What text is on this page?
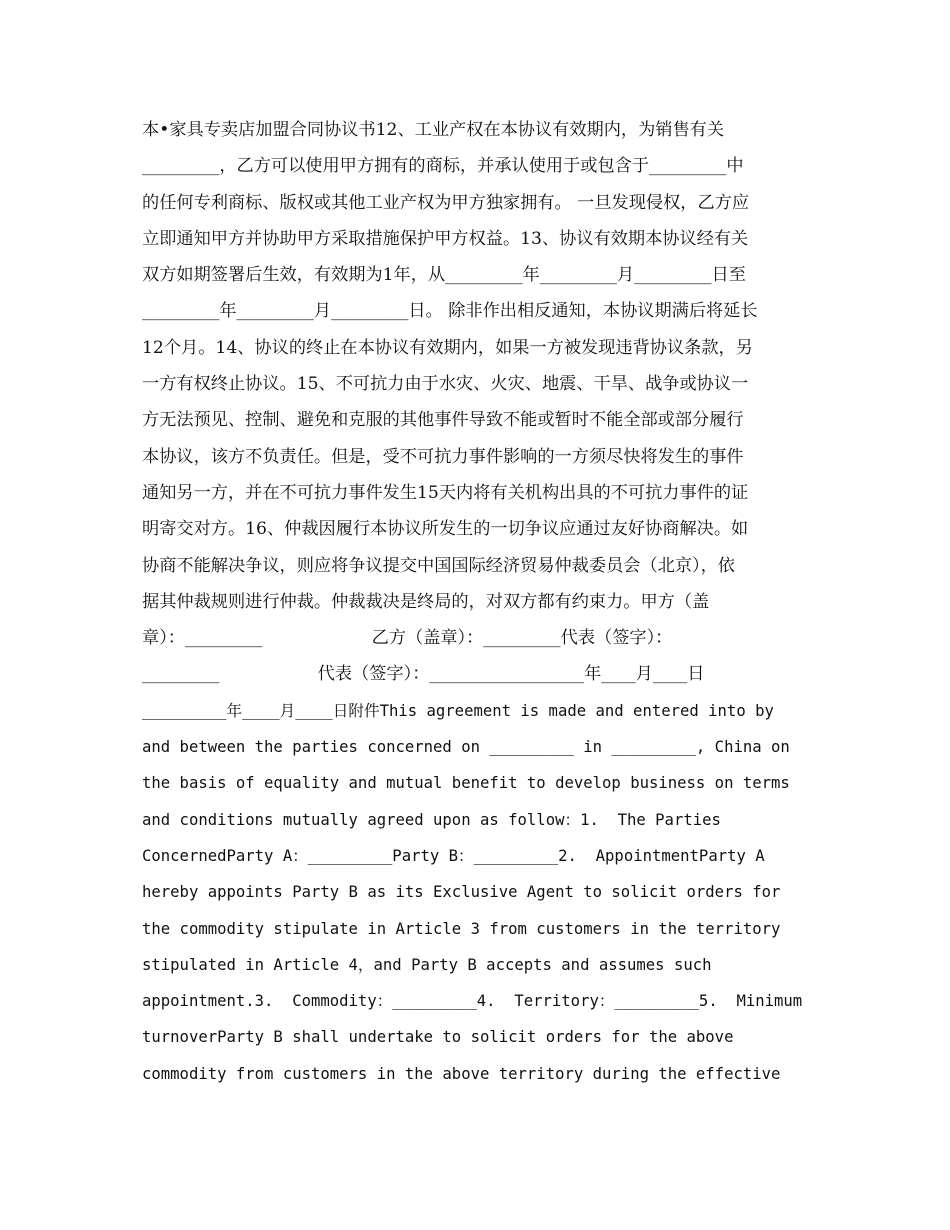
本•家具专卖店加盟合同协议书12、工业产权在本协议有效期内，为销售有关
_________，乙方可以使用甲方拥有的商标，并承认使用于或包含于_________中
的任何专利商标、版权或其他工业产权为甲方独家拥有。 一旦发现侵权，乙方应
立即通知甲方并协助甲方采取措施保护甲方权益。13、协议有效期本协议经有关
双方如期签署后生效，有效期为1年，从_________年_________月_________日至
_________年_________月_________日。 除非作出相反通知，本协议期满后将延长
12个月。14、协议的终止在本协议有效期内，如果一方被发现违背协议条款，另
一方有权终止协议。15、不可抗力由于水灾、火灾、地震、干旱、战争或协议一
方无法预见、控制、避免和克服的其他事件导致不能或暂时不能全部或部分履行
本协议，该方不负责任。但是，受不可抗力事件影响的一方须尽快将发生的事件
通知另一方，并在不可抗力事件发生15天内将有关机构出具的不可抗力事件的证
明寄交对方。16、仲裁因履行本协议所发生的一切争议应通过友好协商解决。如
协商不能解决争议，则应将争议提交中国国际经济贸易仲裁委员会（北京），依
据其仲裁规则进行仲裁。仲裁裁决是终局的，对双方都有约束力。甲方（盖
章）：_________                    乙方（盖章）：_________代表（签字）：
_________                  代表（签字）：__________________年____月____日
_________年____月____日附件This agreement is made and entered into by
and between the parties concerned on _________ in _________, China on
the basis of equality and mutual benefit to develop business on terms
and conditions mutually agreed upon as follow：1.  The Parties
ConcernedParty A：_________Party B：_________2.  AppointmentParty A
hereby appoints Party B as its Exclusive Agent to solicit orders for
the commodity stipulate in Article 3 from customers in the territory
stipulated in Article 4，and Party B accepts and assumes such
appointment.3.  Commodity：_________4.  Territory：_________5.  Minimum
turnoverParty B shall undertake to solicit orders for the above
commodity from customers in the above territory during the effective
